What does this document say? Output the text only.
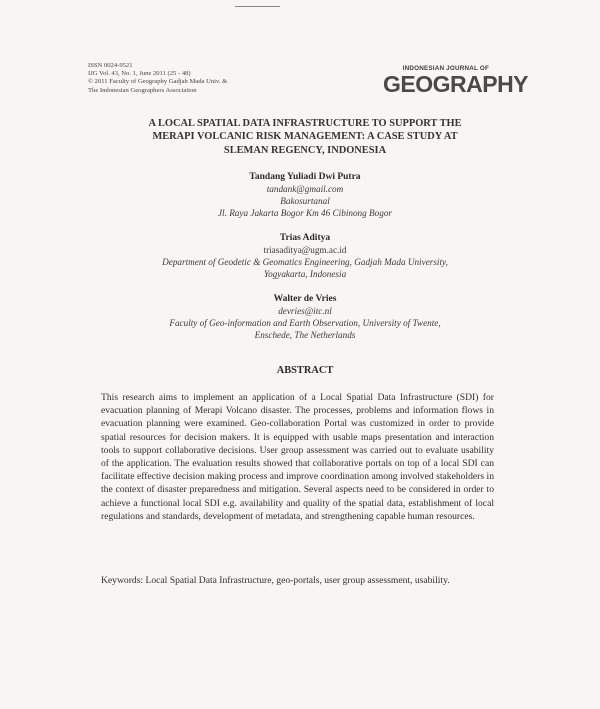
ISSN 0024-9521
IJG Vol. 43, No. 1, June 2011 (25 - 48)
© 2011 Faculty of Geography Gadjah Mada Univ. &
The Indonesian Geographers Association
INDONESIAN JOURNAL OF
GEOGRAPHY
A LOCAL SPATIAL DATA INFRASTRUCTURE TO SUPPORT THE
MERAPI VOLCANIC RISK MANAGEMENT: A CASE STUDY AT
SLEMAN REGENCY, INDONESIA
Tandang Yuliadi Dwi Putra
tandank@gmail.com
Bakosurtanal
Jl. Raya Jakarta Bogor Km 46 Cibinong Bogor
Trias Aditya
triasaditya@ugm.ac.id
Department of Geodetic & Geomatics Engineering, Gadjah Mada University,
Yogyakarta, Indonesia
Walter de Vries
devries@itc.nl
Faculty of Geo-information and Earth Observation, University of Twente,
Enschede, The Netherlands
ABSTRACT
This research aims to implement an application of a Local Spatial Data Infrastructure (SDI) for evacuation planning of Merapi Volcano disaster. The processes, problems and information flows in evacuation planning were examined. Geo-collaboration Portal was customized in order to provide spatial resources for decision makers. It is equipped with usable maps presentation and interaction tools to support collaborative decisions. User group assessment was carried out to evaluate usability of the application. The evaluation results showed that collaborative portals on top of a local SDI can facilitate effective decision making process and improve coordination among involved stakeholders in the context of disaster preparedness and mitigation. Several aspects need to be considered in order to achieve a functional local SDI e.g. availability and quality of the spatial data, establishment of local regulations and standards, development of metadata, and strengthening capable human resources.
Keywords: Local Spatial Data Infrastructure, geo-portals, user group assessment, usability.
